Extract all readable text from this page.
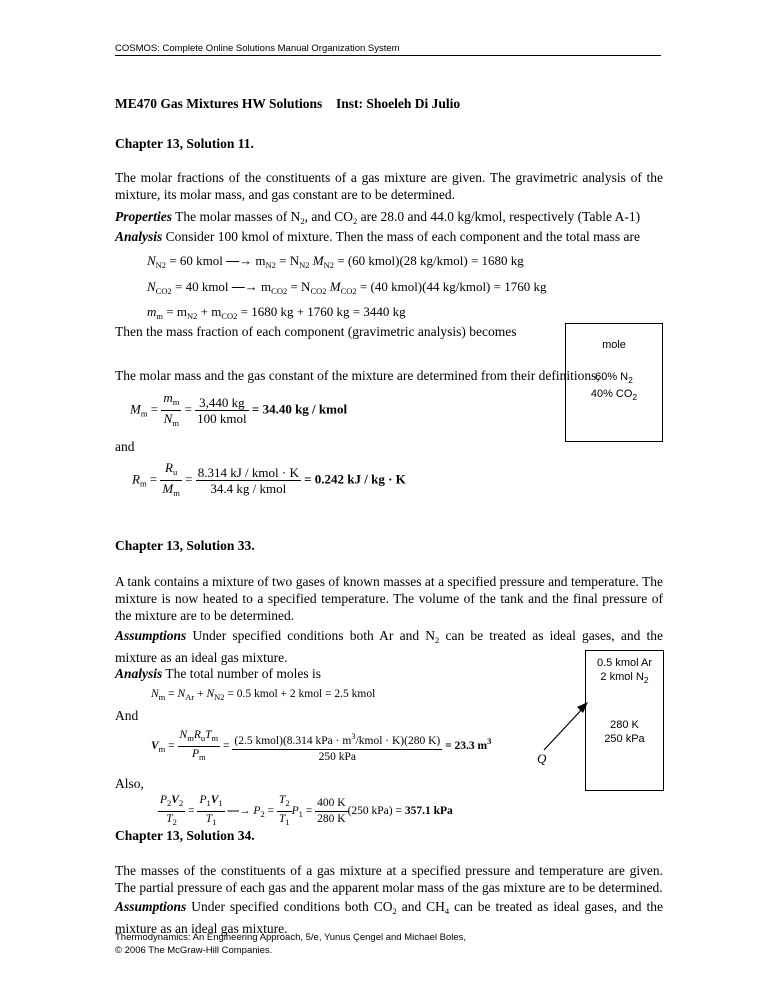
COSMOS: Complete Online Solutions Manual Organization System
ME470 Gas Mixtures HW Solutions Inst: Shoeleh Di Julio
Chapter 13, Solution 11.
The molar fractions of the constituents of a gas mixture are given. The gravimetric analysis of the mixture, its molar mass, and gas constant are to be determined.
Properties The molar masses of $N_2$, and $CO_2$ are 28.0 and 44.0 kg/kmol, respectively (Table A-1)
Analysis Consider 100 kmol of mixture. Then the mass of each component and the total mass are
$N_{N2} = 60$ kmol ⎯⎯→ $m_{N2} = N_{N2}$ $M_{N2} = (60$ kmol)(28 kg/kmol) = 1680 kg
$N_{CO2} = 40$ kmol ⎯⎯→ $m_{CO2} = N_{CO2}$ $M_{CO2} = (40$ kmol)(44 kg/kmol) = 1760 kg
$m_m = m_{N2} + m_{CO2} = 1680$ kg + 1760 kg = 3440 kg
Then the mass fraction of each component (gravimetric analysis) becomes
mole
60% $N_2$
40% $CO_2$
The molar mass and the gas constant of the mixture are determined from their definitions,
$M_m = \frac{m_m}{N_m} = \frac{3,440 kg}{\text{100 kmol}} = 34.40$ kg / kmol
and
$R_m = \frac{R_u}{M_m} = \frac{\text{8.314 kJ / kmol · K}}{\text{34.4 kg / kmol}} = 0.242$ kJ / kg · K
Chapter 13, Solution 33.
A tank contains a mixture of two gases of known masses at a specified pressure and temperature. The mixture is now heated to a specified temperature. The volume of the tank and the final pressure of the mixture are to be determined.
Assumptions Under specified conditions both Ar and $N_2$ can be treated as ideal gases, and the mixture as an ideal gas mixture.
Analysis The total number of moles is
$N_m = N_{Ar} + N_{N2} = 0.5$ kmol + 2 kmol = 2.5 kmol
And
$V_m = \frac{N_mR_uT_m}{P_m} = \frac{(2.5 kmol)(8.314 kPa \cdot m^3/kmol \cdot K)(280 K)}{\text{250 kPa}} = 23.3$ $m^3$
Also,
$\frac{P_2V_2}{T_2} = \frac{P_1V_1}{T_1}$ ⎯⎯→ $P_2 = \frac{T_2}{T_1} P_1 = \frac{400 K}{280 K} (250$ kPa) = 357.1 kPa
0.5 kmol Ar
2 kmol $N_2$
280 K
250 kPa
Q
Chapter 13, Solution 34.
The masses of the constituents of a gas mixture at a specified pressure and temperature are given. The partial pressure of each gas and the apparent molar mass of the gas mixture are to be determined.
Assumptions Under specified conditions both $CO_2$ and $CH_4$ can be treated as ideal gases, and the mixture as an ideal gas mixture.
Thermodynamics: An Engineering Approach, 5/e, Yunus Çengel and Michael Boles,
© 2006 The McGraw-Hill Companies.
